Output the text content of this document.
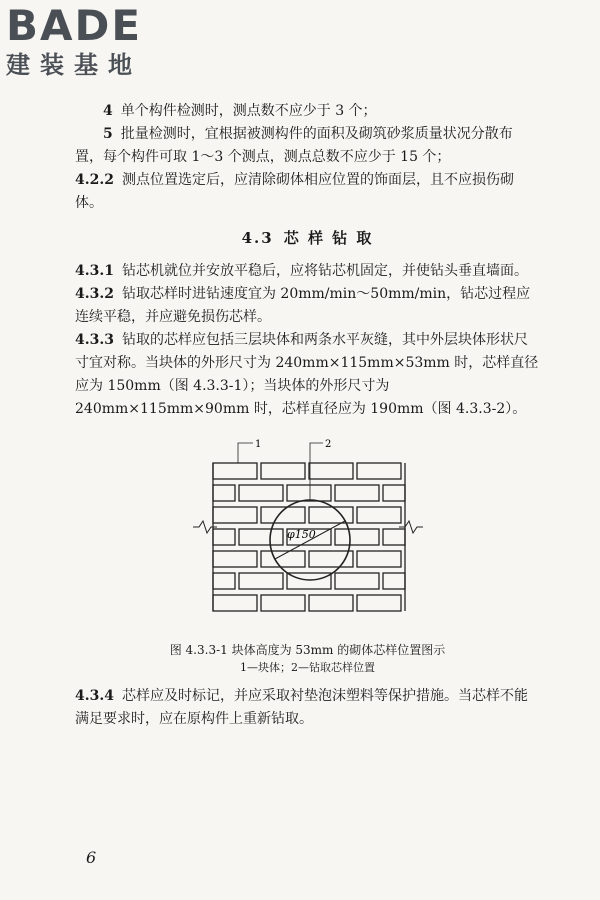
BADE
建装基地

4 单个构件检测时，测点数不应少于 3 个；

5 批量检测时，宜根据被测构件的面积及砌筑砂浆质量状况分散布置，每个构件可取 1～3 个测点，测点总数不应少于 15 个；

4.2.2 测点位置选定后，应清除砌体相应位置的饰面层，且不应损伤砌体。

4.3 芯 样 钻 取

4.3.1 钻芯机就位并安放平稳后，应将钻芯机固定，并使钻头垂直墙面。

4.3.2 钻取芯样时进钻速度宜为 20mm/min～50mm/min，钻芯过程应连续平稳，并应避免损伤芯样。

4.3.3 钻取的芯样应包括三层块体和两条水平灰缝，其中外层块体形状尺寸宜对称。当块体的外形尺寸为 240mm×115mm×53mm 时，芯样直径应为 150mm（图 4.3.3-1）；当块体的外形尺寸为 240mm×115mm×90mm 时，芯样直径应为 190mm（图 4.3.3-2）。

φ150
1	2
图 4.3.3-1 块体高度为 53mm 的砌体芯样位置图示
1—块体；2—钻取芯样位置

4.3.4 芯样应及时标记，并应采取衬垫泡沫塑料等保护措施。当芯样不能满足要求时，应在原构件上重新钻取。

6
